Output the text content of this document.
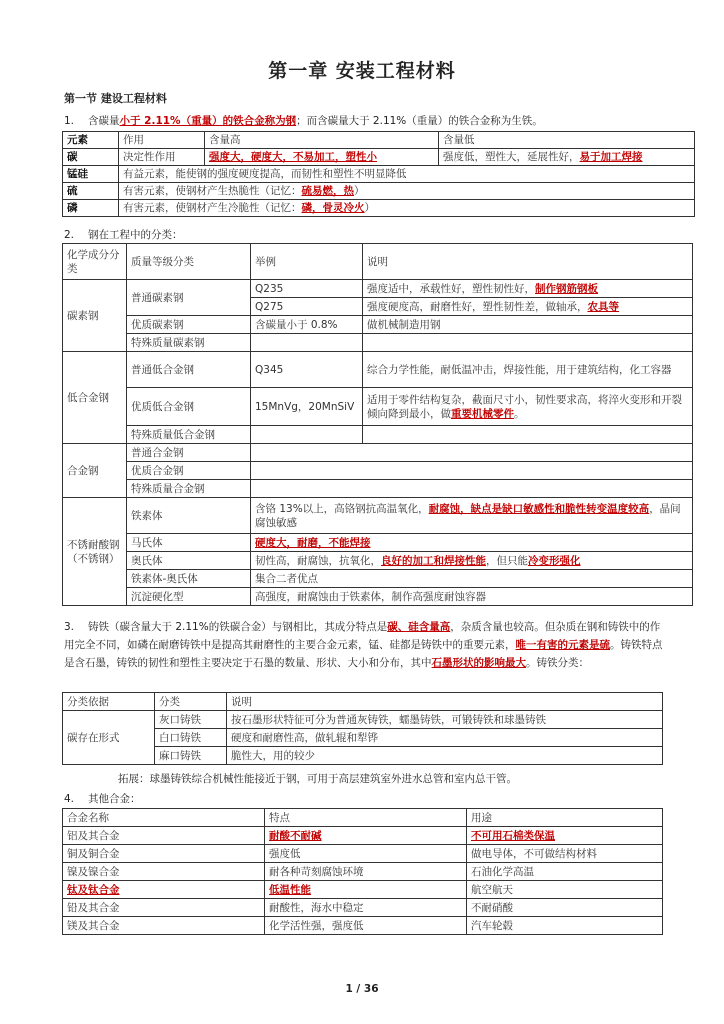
第一章 安装工程材料
第一节 建设工程材料
1. 含碳量小于 2.11%（重量）的铁合金称为钢；而含碳量大于 2.11%（重量）的铁合金称为生铁。
元素	作用	含量高	含量低
碳	决定性作用	强度大，硬度大，不易加工，塑性小	强度低，塑性大，延展性好，易于加工焊接
锰硅	有益元素，能使钢的强度硬度提高，而韧性和塑性不明显降低		
硫	有害元素，使钢材产生热脆性（记忆：硫易燃，热）		
磷	有害元素，使钢材产生冷脆性（记忆：磷，骨灵冷火）		
2. 钢在工程中的分类：
化学成分分类	质量等级分类	举例	说明
碳素钢	普通碳素钢	Q235	强度适中，承载性好，塑性韧性好，制作钢筋钢板
		Q275	强度硬度高，耐磨性好，塑性韧性差，做轴承，农具等
	优质碳素钢	含碳量小于 0.8%	做机械制造用钢
	特殊质量碳素钢		
低合金钢	普通低合金钢	Q345	综合力学性能，耐低温冲击，焊接性能，用于建筑结构，化工容器
	优质低合金钢	15MnVg，20MnSiV	适用于零件结构复杂，截面尺寸小，韧性要求高，将淬火变形和开裂倾向降到最小，做重要机械零件。
	特殊质量低合金钢		
合金钢	普通合金钢		
	优质合金钢		
	特殊质量合金钢		
不锈耐酸钢（不锈钢）	铁素体	含铬 13%以上，高铬钢抗高温氧化，耐腐蚀，缺点是缺口敏感性和脆性转变温度较高，晶间腐蚀敏感	
	马氏体	硬度大，耐磨，不能焊接	
	奥氏体	韧性高，耐腐蚀，抗氧化，良好的加工和焊接性能，但只能冷变形强化	
	铁素体-奥氏体	集合二者优点	
	沉淀硬化型	高强度，耐腐蚀由于铁素体，制作高强度耐蚀容器	
3. 铸铁（碳含量大于 2.11%的铁碳合金）与钢相比，其成分特点是碳、硅含量高，杂质含量也较高。但杂质在钢和铸铁中的作用完全不同，如磷在耐磨铸铁中是提高其耐磨性的主要合金元素，锰、硅都是铸铁中的重要元素，唯一有害的元素是硫。铸铁特点是含石墨，铸铁的韧性和塑性主要决定于石墨的数量、形状、大小和分布，其中石墨形状的影响最大。铸铁分类：
分类依据	分类	说明
碳存在形式	灰口铸铁	按石墨形状特征可分为普通灰铸铁，蠕墨铸铁，可锻铸铁和球墨铸铁
	白口铸铁	硬度和耐磨性高，做轧辊和犁铧
	麻口铸铁	脆性大，用的较少
拓展：球墨铸铁综合机械性能接近于钢，可用于高层建筑室外进水总管和室内总干管。
4. 其他合金：
合金名称	特点	用途
铝及其合金	耐酸不耐碱	不可用石棉类保温
铜及铜合金	强度低	做电导体，不可做结构材料
镍及镍合金	耐各种苛刻腐蚀环境	石油化学高温
钛及钛合金	低温性能	航空航天
铅及其合金	耐酸性，海水中稳定	不耐硝酸
镁及其合金	化学活性强，强度低	汽车轮毂
1 / 36
